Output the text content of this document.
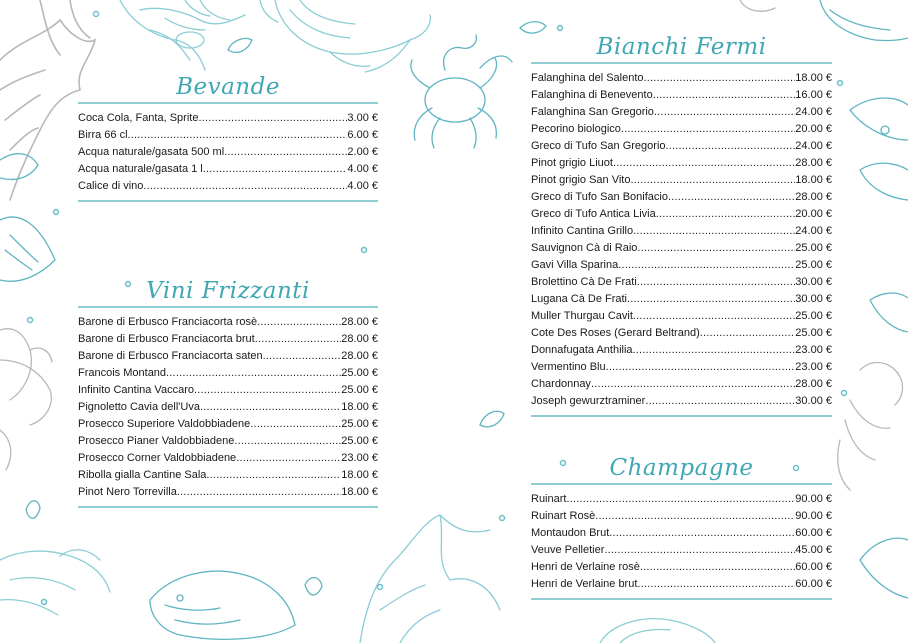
Bevande
Coca Cola, Fanta, Sprite .....	3.00 €
Birra 66 cl .....	6.00 €
Acqua naturale/gasata 500 ml .....	2.00 €
Acqua naturale/gasata 1 l .....	4.00 €
Calice di vino .....	4.00 €
Vini Frizzanti
Barone di Erbusco Franciacorta rosè .....	28.00 €
Barone di Erbusco Franciacorta brut .....	28.00 €
Barone di Erbusco Franciacorta saten .....	28.00 €
Francois Montand .....	25.00 €
Infinito Cantina Vaccaro .....	25.00 €
Pignoletto Cavia dell'Uva .....	18.00 €
Prosecco Superiore Valdobbiadene .....	25.00 €
Prosecco Pianer Valdobbiadene .....	25.00 €
Prosecco Corner Valdobbiadene .....	23.00 €
Ribolla gialla Cantine Sala .....	18.00 €
Pinot Nero Torrevilla .....	18.00 €
Bianchi Fermi
Falanghina del Salento .....	18.00 €
Falanghina di Benevento .....	16.00 €
Falanghina San Gregorio .....	24.00 €
Pecorino biologico .....	20.00 €
Greco di Tufo San Gregorio .....	24.00 €
Pinot grigio Liuot .....	28.00 €
Pinot grigio San Vito .....	18.00 €
Greco di Tufo San Bonifacio .....	28.00 €
Greco di Tufo Antica Livia .....	20.00 €
Infinito Cantina Grillo .....	24.00 €
Sauvignon Cà di Raio .....	25.00 €
Gavi Villa Sparina .....	25.00 €
Brolettino Cà De Frati .....	30.00 €
Lugana Cà De Frati .....	30.00 €
Muller Thurgau Cavit .....	25.00 €
Cote Des Roses (Gerard Beltrand) .....	25.00 €
Donnafugata Anthilia .....	23.00 €
Vermentino Blu .....	23.00 €
Chardonnay .....	28.00 €
Joseph gewurztraminer .....	30.00 €
Champagne
Ruinart .....	90.00 €
Ruinart Rosè .....	90.00 €
Montaudon Brut .....	60.00 €
Veuve Pelletier .....	45.00 €
Henri de Verlaine rosè .....	60.00 €
Henri de Verlaine brut .....	60.00 €
